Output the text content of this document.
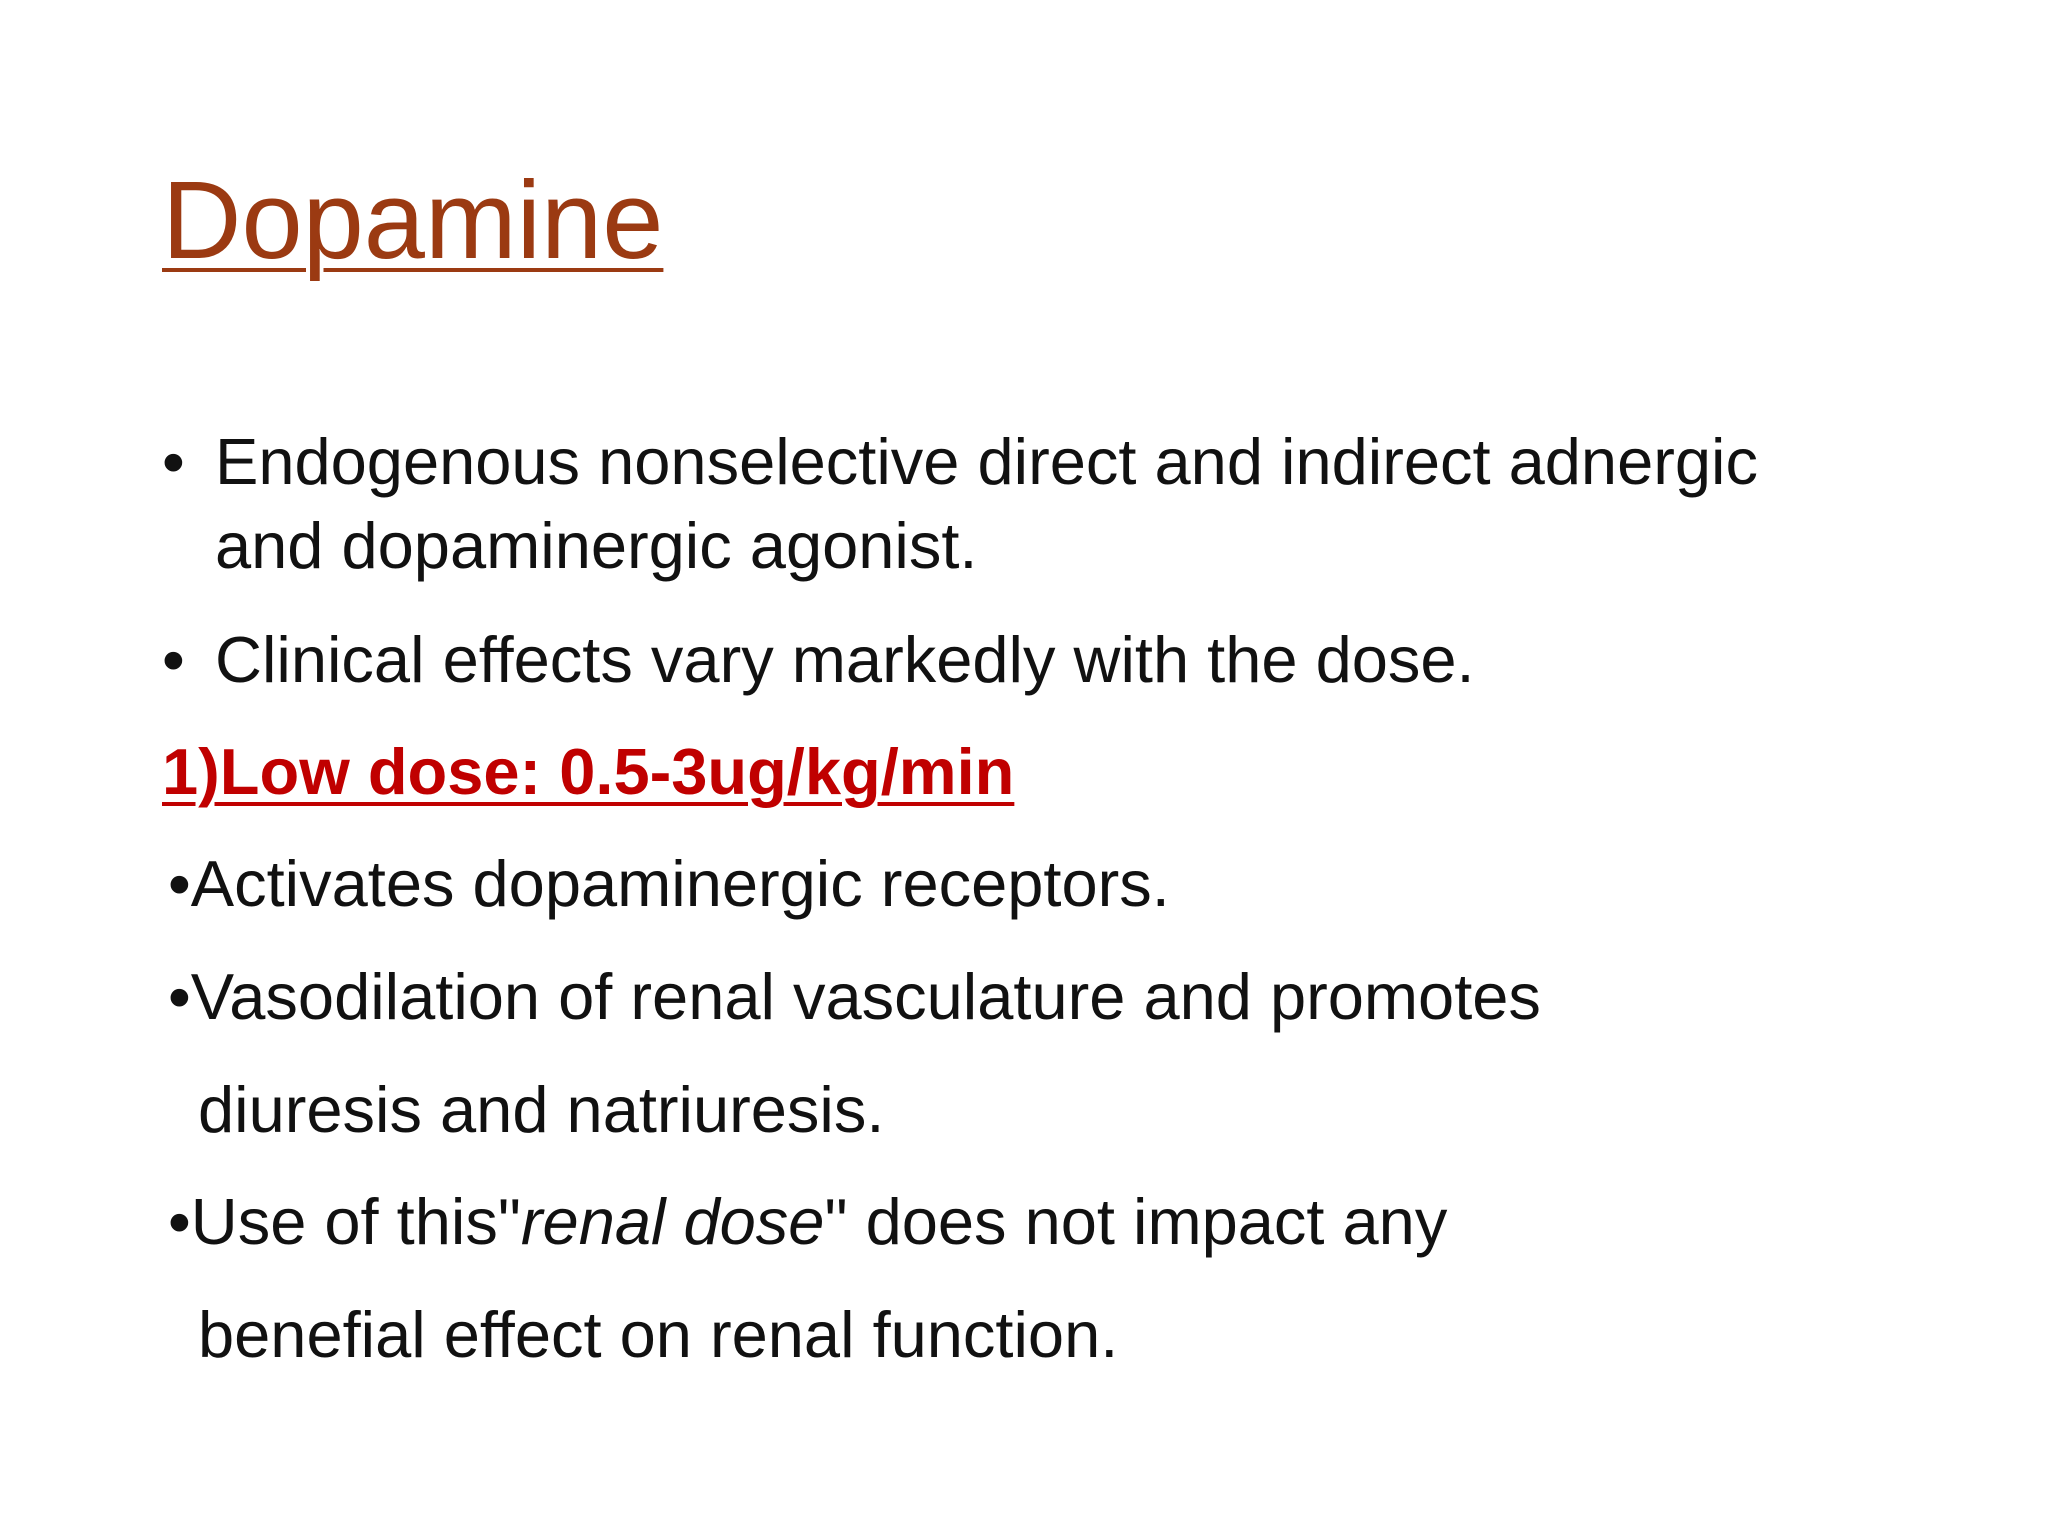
Dopamine
• Endogenous nonselective direct and indirect adnergic
and dopaminergic agonist.
• Clinical effects vary markedly with the dose.
1)Low dose: 0.5-3ug/kg/min
•Activates dopaminergic receptors.
•Vasodilation of renal vasculature and promotes
diuresis and natriuresis.
•Use of this"renal dose" does not impact any
benefial effect on renal function.
